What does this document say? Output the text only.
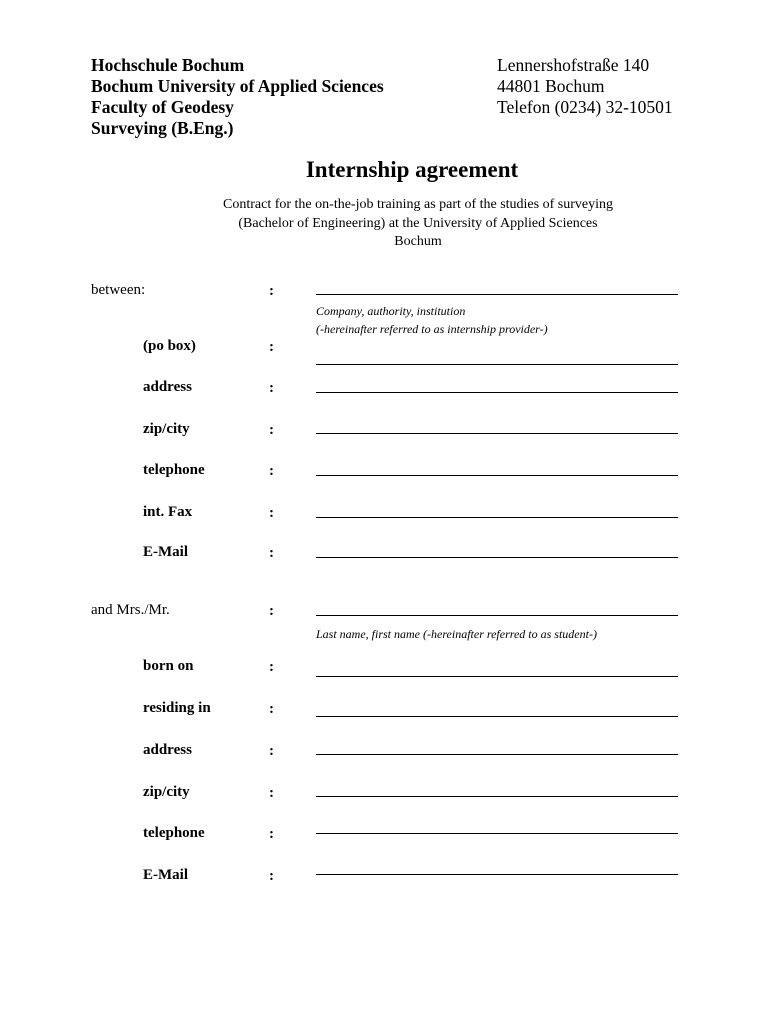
Hochschule Bochum
Bochum University of Applied Sciences
Faculty of Geodesy
Surveying (B.Eng.)
Lennershofstraße 140
44801 Bochum
Telefon (0234) 32-10501
Internship agreement
Contract for the on-the-job training as part of the studies of surveying
(Bachelor of Engineering) at the University of Applied Sciences
Bochum
between:	:
Company, authority, institution
(-hereinafter referred to as internship provider-)
(po box)	:
address	:
zip/city	:
telephone	:
int. Fax	:
E-Mail	:
and Mrs./Mr.	:
Last name, first name (-hereinafter referred to as student-)
born on	:
residing in	:
address	:
zip/city	:
telephone	:
E-Mail	:
